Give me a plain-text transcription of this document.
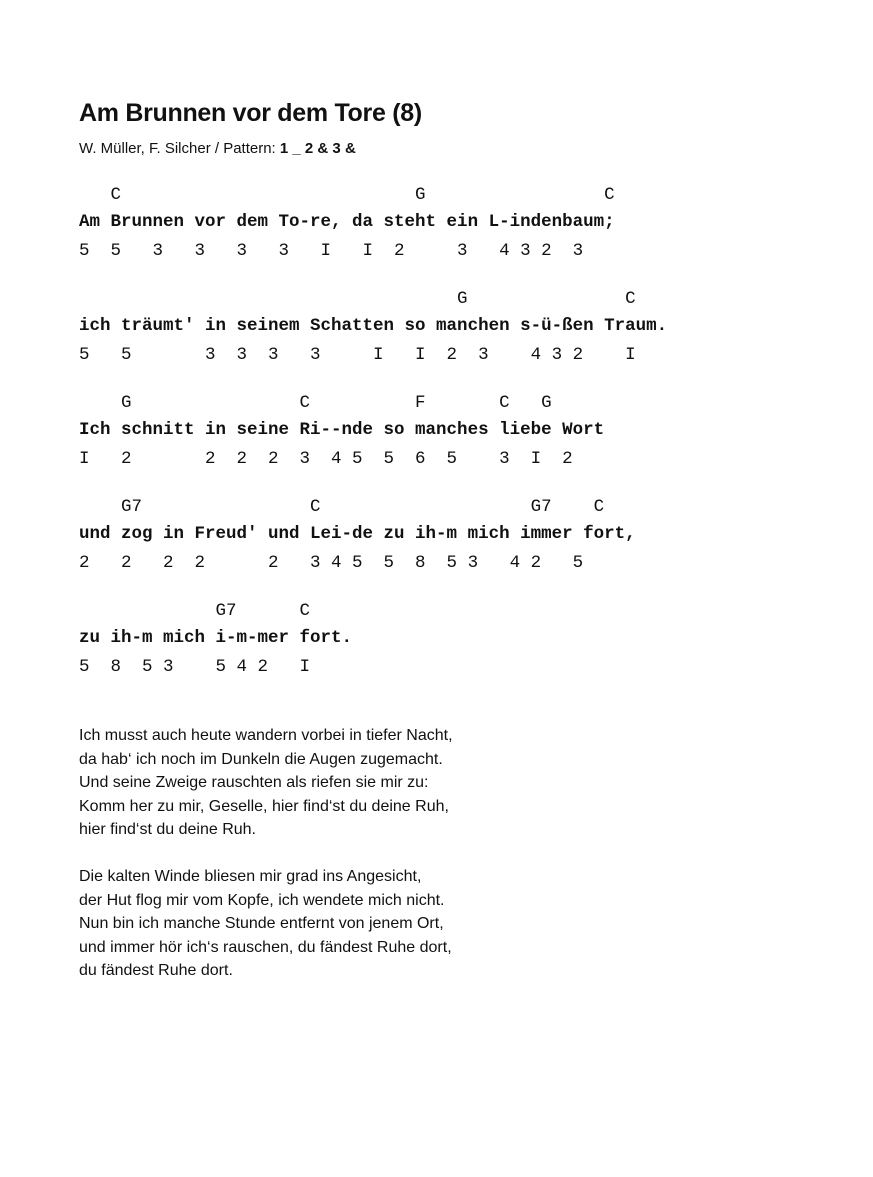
Am Brunnen vor dem Tore (8)
W. Müller, F. Silcher / Pattern: 1 _ 2 & 3 &
C                            G                 C
Am Brunnen vor dem To-re, da steht ein L-indenbaum;
5  5   3   3   3   3   I   I  2     3   4 3 2  3
G               C
ich träumt' in seinem Schatten so manchen s-ü-ßen Traum.
5   5       3  3  3   3     I   I  2  3    4 3 2    I
G                C          F       C   G
Ich schnitt in seine Ri--nde so manches liebe Wort
I   2       2  2  2  3  4 5  5  6  5    3  I  2
G7                C                    G7    C
und zog in Freud' und Lei-de zu ih-m mich immer fort,
2   2   2  2      2   3 4 5  5  8  5 3   4 2   5
G7      C
zu ih-m mich i-m-mer fort.
5  8  5 3    5 4 2   I
Ich musst auch heute wandern vorbei in tiefer Nacht,
da hab‘ ich noch im Dunkeln die Augen zugemacht.
Und seine Zweige rauschten als riefen sie mir zu:
Komm her zu mir, Geselle, hier find‘st du deine Ruh,
hier find‘st du deine Ruh.
Die kalten Winde bliesen mir grad ins Angesicht,
der Hut flog mir vom Kopfe, ich wendete mich nicht.
Nun bin ich manche Stunde entfernt von jenem Ort,
und immer hör ich‘s rauschen, du fändest Ruhe dort,
du fändest Ruhe dort.
